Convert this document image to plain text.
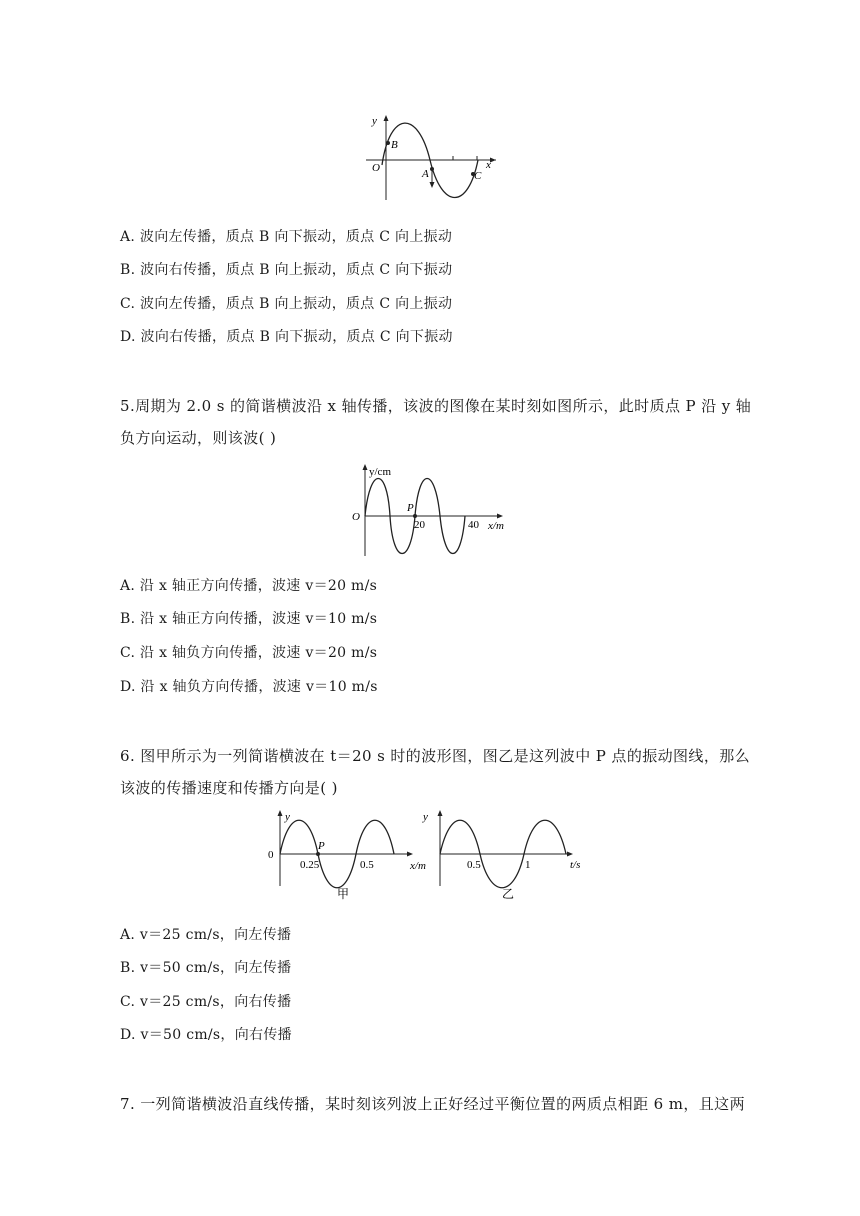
y
x
O
B
A	C
A. 波向左传播，质点 B 向下振动，质点 C 向上振动
B. 波向右传播，质点 B 向上振动，质点 C 向下振动
C. 波向左传播，质点 B 向上振动，质点 C 向上振动
D. 波向右传播，质点 B 向下振动，质点 C 向下振动
5.周期为 2.0 s 的简谐横波沿 x 轴传播，该波的图像在某时刻如图所示，此时质点 P 沿 y 轴
负方向运动，则该波( )
y/cm
O
P
20	40 x/m
A. 沿 x 轴正方向传播，波速 v＝20 m/s
B. 沿 x 轴正方向传播，波速 v＝10 m/s
C. 沿 x 轴负方向传播，波速 v＝20 m/s
D. 沿 x 轴负方向传播，波速 v＝10 m/s
6. 图甲所示为一列简谐横波在 t＝20 s 时的波形图，图乙是这列波中 P 点的振动图线，那么
该波的传播速度和传播方向是( )
y
0
P
0.25	0.5	x/m
甲
y
0.5	1	t/s
乙
A. v＝25 cm/s，向左传播
B. v＝50 cm/s，向左传播
C. v＝25 cm/s，向右传播
D. v＝50 cm/s，向右传播
7. 一列简谐横波沿直线传播，某时刻该列波上正好经过平衡位置的两质点相距 6 m，且这两
